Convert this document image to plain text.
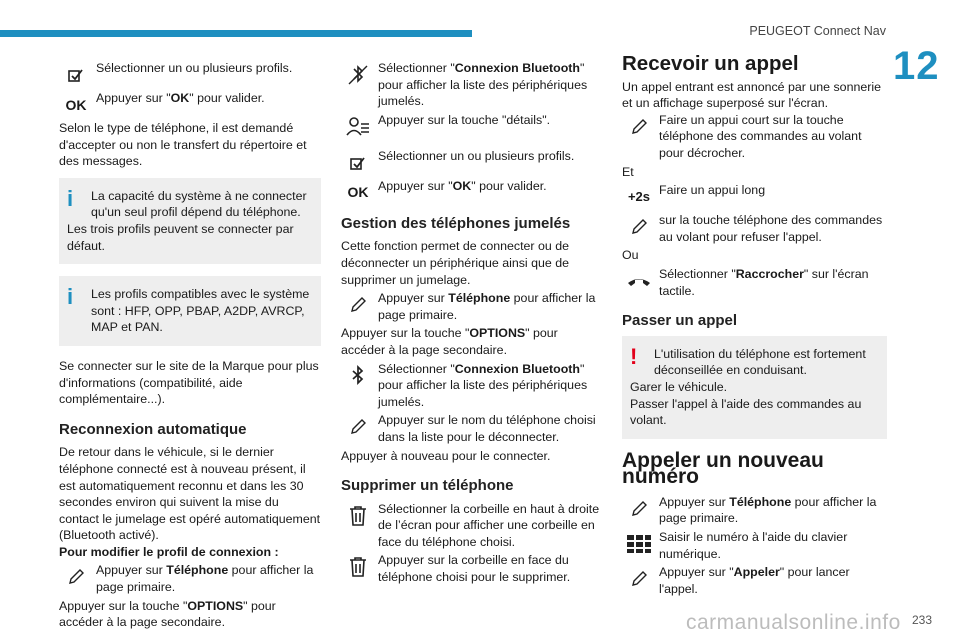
PEUGEOT Connect Nav
12
233
carmanualsonline.info
Sélectionner un ou plusieurs profils.
OK Appuyer sur "OK" pour valider.

Selon le type de téléphone, il est demandé d'accepter ou non le transfert du répertoire et des messages.

i	La capacité du système à ne connecter qu'un seul profil dépend du téléphone.
Les trois profils peuvent se connecter par défaut.
i	Les profils compatibles avec le système sont : HFP, OPP, PBAP, A2DP, AVRCP, MAP et PAN.

Se connecter sur le site de la Marque pour plus d'informations (compatibilité, aide complémentaire...).

Reconnexion automatique

De retour dans le véhicule, si le dernier téléphone connecté est à nouveau présent, il est automatiquement reconnu et dans les 30 secondes environ qui suivent la mise du contact le jumelage est opéré automatiquement (Bluetooth activé).

Pour modifier le profil de connexion :

Appuyer sur Téléphone pour afficher la page primaire.

Appuyer sur la touche "OPTIONS" pour accéder à la page secondaire.

Sélectionner "Connexion Bluetooth" pour afficher la liste des périphériques jumelés.
Appuyer sur la touche "détails".
Sélectionner un ou plusieurs profils.
OK Appuyer sur "OK" pour valider.
Gestion des téléphones jumelés

Cette fonction permet de connecter ou de déconnecter un périphérique ainsi que de supprimer un jumelage.

Appuyer sur Téléphone pour afficher la page primaire.

Appuyer sur la touche "OPTIONS" pour accéder à la page secondaire.

Sélectionner "Connexion Bluetooth" pour afficher la liste des périphériques jumelés.
Appuyer sur le nom du téléphone choisi dans la liste pour le déconnecter.

Appuyer à nouveau pour le connecter.

Supprimer un téléphone
Sélectionner la corbeille en haut à droite de l’écran pour afficher une corbeille en face du téléphone choisi.
Appuyer sur la corbeille en face du téléphone choisi pour le supprimer.
Recevoir un appel

Un appel entrant est annoncé par une sonnerie et un affichage superposé sur l'écran.

Faire un appui court sur la touche téléphone des commandes au volant pour décrocher.

Et

+2s Faire un appui long
sur la touche téléphone des commandes au volant pour refuser l'appel.

Ou

Sélectionner "Raccrocher" sur l'écran tactile.
Passer un appel
!	L'utilisation du téléphone est fortement déconseillée en conduisant.
Garer le véhicule.
Passer l'appel à l'aide des commandes au volant.
Appeler un nouveau numéro
Appuyer sur Téléphone pour afficher la page primaire.
Saisir le numéro à l'aide du clavier numérique.
Appuyer sur "Appeler" pour lancer l'appel.
